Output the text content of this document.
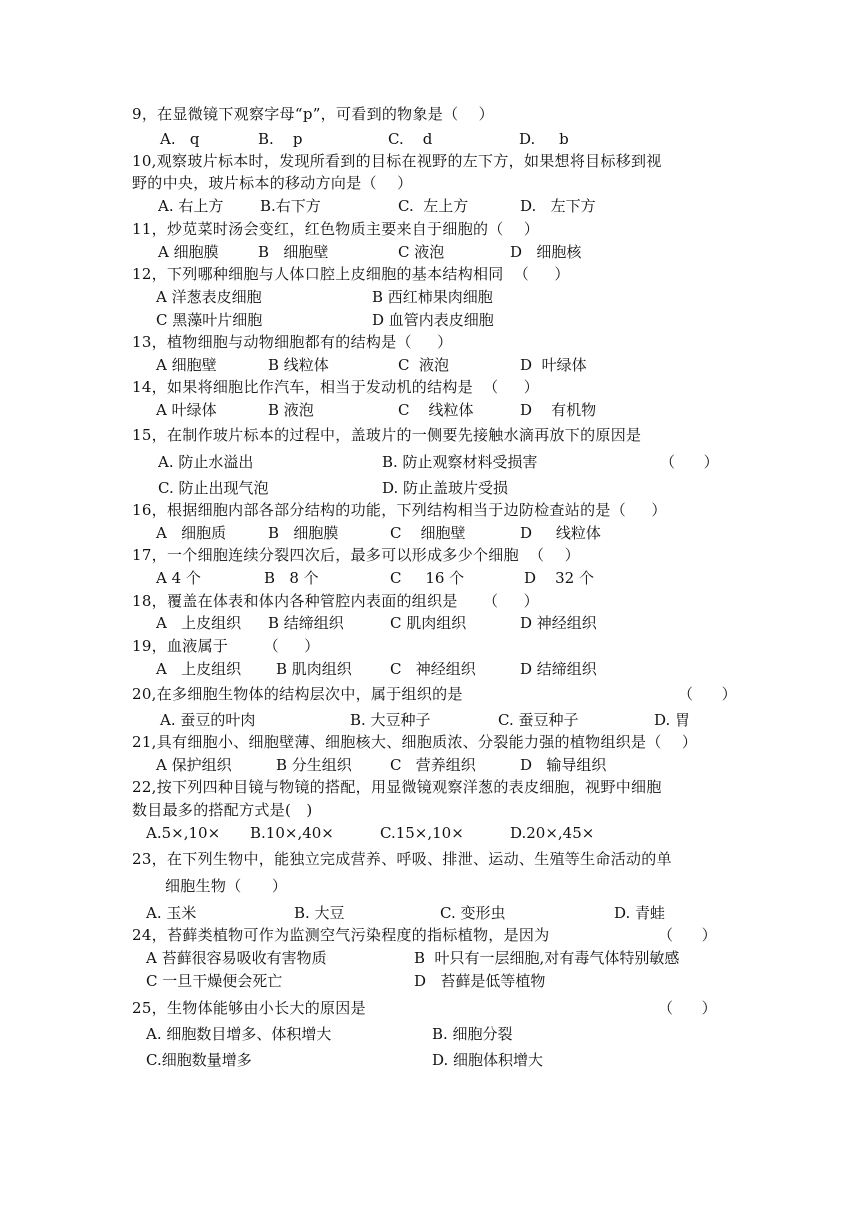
9，在显微镜下观察字母“p”，可看到的物象是（    ）
A.   q	B.    p	C.    d	D.     b
10,观察玻片标本时，发现所看到的目标在视野的左下方，如果想将目标移到视
野的中央，玻片标本的移动方向是（    ）
A. 右上方 B.右下方	C.  左上方	D.   左下方
11，炒苋菜时汤会变红，红色物质主要来自于细胞的（    ）
A 细胞膜	B   细胞壁	C 液泡	D   细胞核
12，下列哪种细胞与人体口腔上皮细胞的基本结构相同  （     ）
A 洋葱表皮细胞	B 西红柿果肉细胞
C 黑藻叶片细胞	D 血管内表皮细胞
13，植物细胞与动物细胞都有的结构是（     ）
A 细胞壁	B 线粒体	C  液泡	D  叶绿体
14，如果将细胞比作汽车，相当于发动机的结构是  （     ）
A 叶绿体	B 液泡	C    线粒体	D    有机物
15，在制作玻片标本的过程中，盖玻片的一侧要先接触水滴再放下的原因是
A. 防止水溢出	B. 防止观察材料受损害	（      ）
C. 防止出现气泡	D. 防止盖玻片受损
16，根据细胞内部各部分结构的功能，下列结构相当于边防检查站的是（     ）
A   细胞质	B   细胞膜	C    细胞壁	D     线粒体
17，一个细胞连续分裂四次后，最多可以形成多少个细胞  （    ）
A 4 个	B   8 个	C     16 个	D    32 个
18，覆盖在体表和体内各种管腔内表面的组织是     （     ）
A   上皮组织 B 结缔组织	C 肌肉组织	D 神经组织
19，血液属于       （     ）
A   上皮组织 B 肌肉组织	C   神经组织	D 结缔组织
20,在多细胞生物体的结构层次中，属于组织的是	（      ）
A. 蚕豆的叶肉	B. 大豆种子	C. 蚕豆种子	D. 胃
21,具有细胞小、细胞壁薄、细胞核大、细胞质浓、分裂能力强的植物组织是（    ）
A 保护组织	B 分生组织	C   营养组织	D   输导组织
22,按下列四种目镜与物镜的搭配，用显微镜观察洋葱的表皮细胞，视野中细胞
数目最多的搭配方式是(   )
A.5×,10× B.10×,40×	C.15×,10×	D.20×,45×
23，在下列生物中，能独立完成营养、呼吸、排泄、运动、生殖等生命活动的单
细胞生物（      ）
A. 玉米	B. 大豆	C. 变形虫	D. 青蛙
24，苔藓类植物可作为监测空气污染程度的指标植物，是因为	（      ）
A 苔藓很容易吸收有害物质	B  叶只有一层细胞,对有毒气体特别敏感
C 一旦干燥便会死亡	D   苔藓是低等植物
25，生物体能够由小长大的原因是	（      ）
A. 细胞数目增多、体积增大	B. 细胞分裂
C.细胞数量增多	D. 细胞体积增大
